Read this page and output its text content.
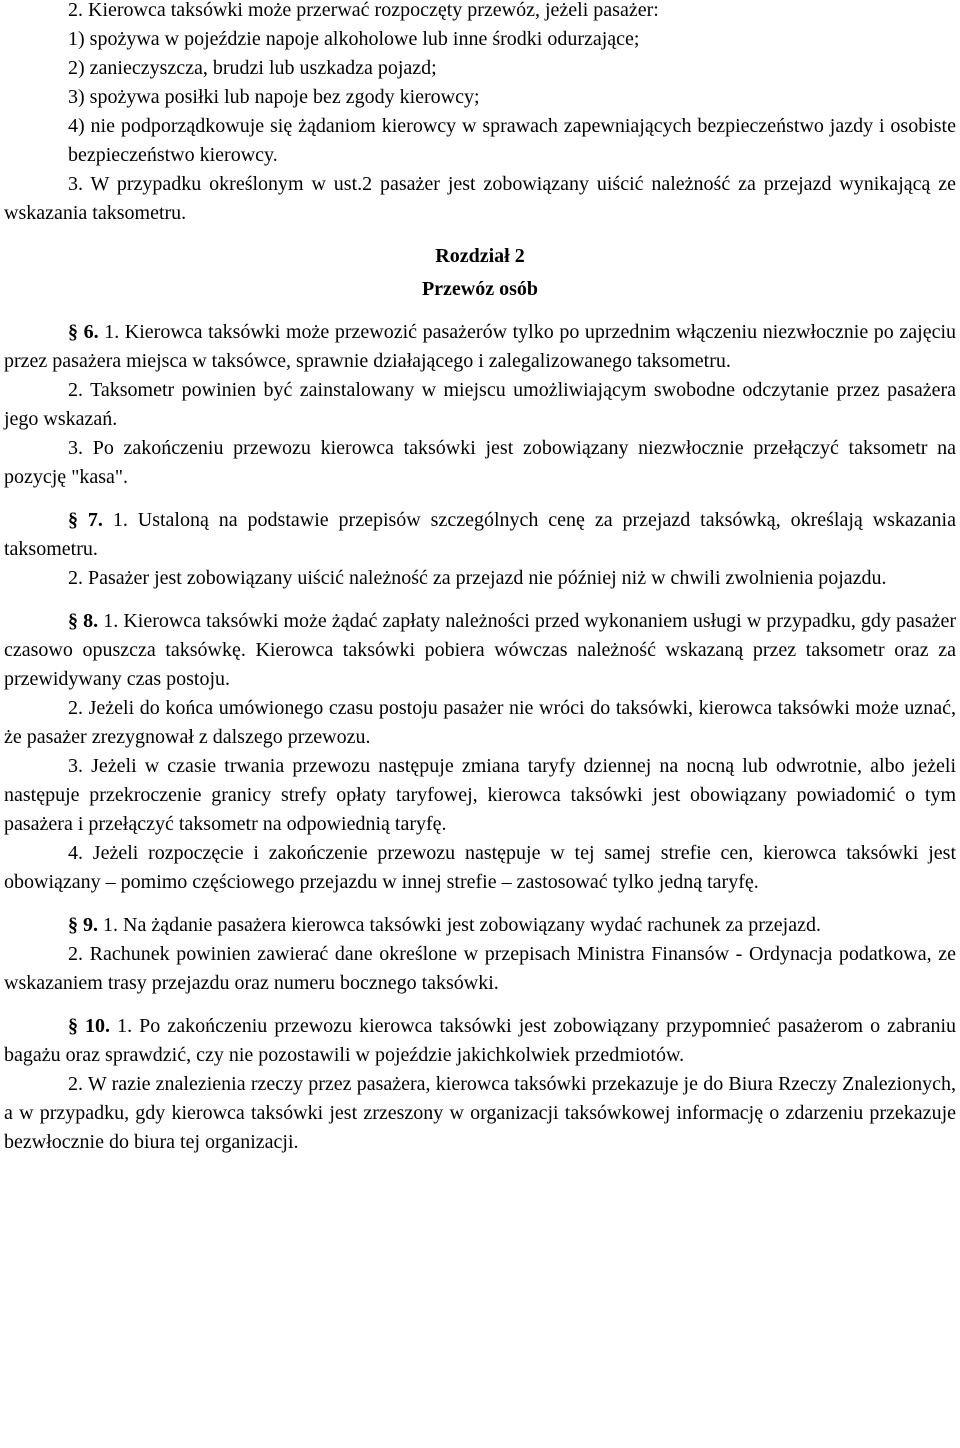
2. Kierowca taksówki może przerwać rozpoczęty przewóz, jeżeli pasażer:

1) spożywa w pojeździe napoje alkoholowe lub inne środki odurzające;

2) zanieczyszcza, brudzi lub uszkadza pojazd;

3) spożywa posiłki lub napoje bez zgody kierowcy;

4) nie podporządkowuje się żądaniom kierowcy w sprawach zapewniających bezpieczeństwo jazdy i osobiste bezpieczeństwo kierowcy.

3. W przypadku określonym w ust.2 pasażer jest zobowiązany uiścić należność za przejazd wynikającą ze wskazania taksometru.

Rozdział 2

Przewóz osób

§ 6. 1. Kierowca taksówki może przewozić pasażerów tylko po uprzednim włączeniu niezwłocznie po zajęciu przez pasażera miejsca w taksówce, sprawnie działającego i zalegalizowanego taksometru.

2. Taksometr powinien być zainstalowany w miejscu umożliwiającym swobodne odczytanie przez pasażera jego wskazań.

3. Po zakończeniu przewozu kierowca taksówki jest zobowiązany niezwłocznie przełączyć taksometr na pozycję "kasa".

§ 7. 1. Ustaloną na podstawie przepisów szczególnych cenę za przejazd taksówką, określają wskazania taksometru.

2. Pasażer jest zobowiązany uiścić należność za przejazd nie później niż w chwili zwolnienia pojazdu.

§ 8. 1. Kierowca taksówki może żądać zapłaty należności przed wykonaniem usługi w przypadku, gdy pasażer czasowo opuszcza taksówkę. Kierowca taksówki pobiera wówczas należność wskazaną przez taksometr oraz za przewidywany czas postoju.

2. Jeżeli do końca umówionego czasu postoju pasażer nie wróci do taksówki, kierowca taksówki może uznać, że pasażer zrezygnował z dalszego przewozu.

3. Jeżeli w czasie trwania przewozu następuje zmiana taryfy dziennej na nocną lub odwrotnie, albo jeżeli następuje przekroczenie granicy strefy opłaty taryfowej, kierowca taksówki jest obowiązany powiadomić o tym pasażera i przełączyć taksometr na odpowiednią taryfę.

4. Jeżeli rozpoczęcie i zakończenie przewozu następuje w tej samej strefie cen, kierowca taksówki jest obowiązany – pomimo częściowego przejazdu w innej strefie – zastosować tylko jedną taryfę.

§ 9. 1. Na żądanie pasażera kierowca taksówki jest zobowiązany wydać rachunek za przejazd.

2. Rachunek powinien zawierać dane określone w przepisach Ministra Finansów - Ordynacja podatkowa, ze wskazaniem trasy przejazdu oraz numeru bocznego taksówki.

§ 10. 1. Po zakończeniu przewozu kierowca taksówki jest zobowiązany przypomnieć pasażerom o zabraniu bagażu oraz sprawdzić, czy nie pozostawili w pojeździe jakichkolwiek przedmiotów.

2. W razie znalezienia rzeczy przez pasażera, kierowca taksówki przekazuje je do Biura Rzeczy Znalezionych, a w przypadku, gdy kierowca taksówki jest zrzeszony w organizacji taksówkowej informację o zdarzeniu przekazuje bezwłocznie do biura tej organizacji.
